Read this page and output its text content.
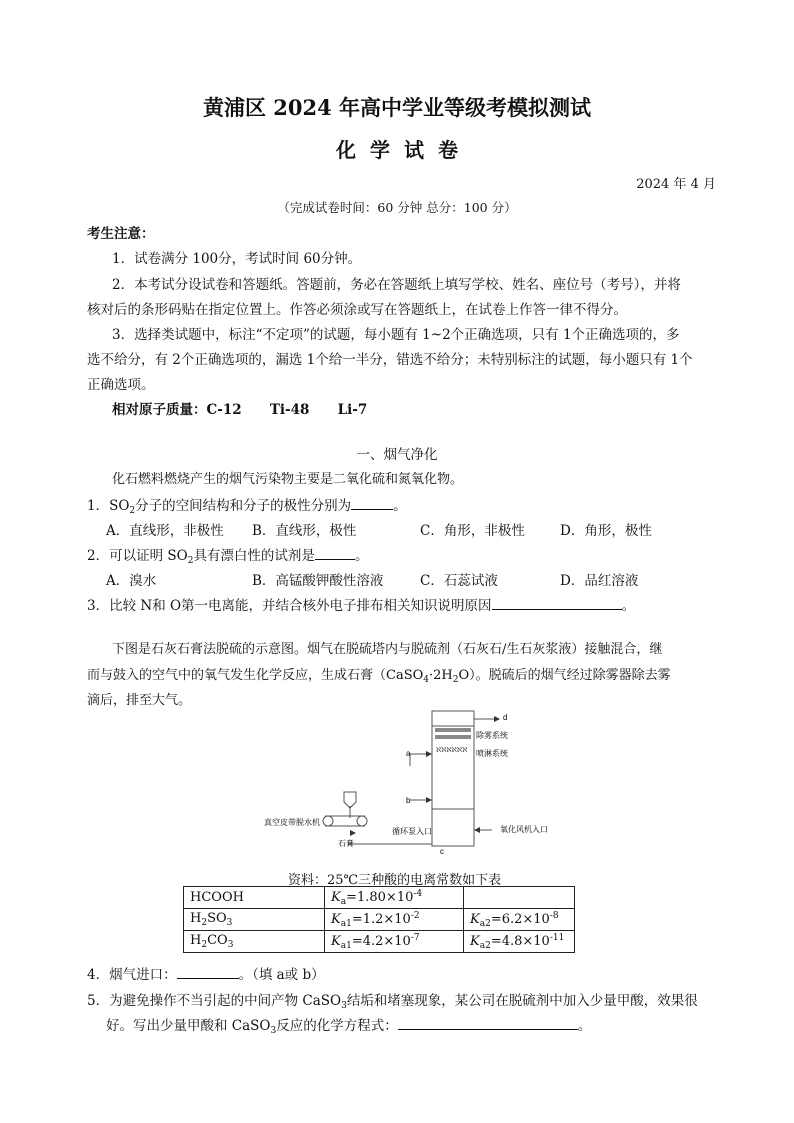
黄浦区 2024 年高中学业等级考模拟测试
化学试卷
2024 年 4 月
（完成试卷时间：60 分钟 总分：100 分）
考生注意：
1．试卷满分 100分，考试时间 60分钟。
2．本考试分设试卷和答题纸。答题前，务必在答题纸上填写学校、姓名、座位号（考号），并将
核对后的条形码贴在指定位置上。作答必须涂或写在答题纸上，在试卷上作答一律不得分。
3．选择类试题中，标注“不定项”的试题，每小题有 1~2个正确选项，只有 1个正确选项的，多
选不给分，有 2个正确选项的，漏选 1个给一半分，错选不给分；未特别标注的试题，每小题只有 1个
正确选项。
相对原子质量：C-12      Ti-48      Li-7
一、烟气净化
化石燃料燃烧产生的烟气污染物主要是二氧化硫和氮氧化物。
1．$SO_2$分子的空间结构和分子的极性分别为	。
A．直线形，非极性 B．直线形，极性	C．角形，非极性	D．角形，极性
2．可以证明 $SO_2$具有漂白性的试剂是	。
A．溴水	B．高锰酸钾酸性溶液	C．石蕊试液	D．品红溶液
3．比较 N和 O第一电离能，并结合核外电子排布相关知识说明原因	。
下图是石灰石膏法脱硫的示意图。烟气在脱硫塔内与脱硫剂（石灰石/生石灰浆液）接触混合，继
而与鼓入的空气中的氧气发生化学反应，生成石膏$(CaSO_4\cdot 2H_2O)$。脱硫后的烟气经过除雾器除去雾
滴后，排至大气。
ℵℵℵℵℵℵ
d
除雾系统
a	喷淋系统
b
循环泵入口	氧化风机入口
c
真空皮带脱水机
石膏
资料：25℃三种酸的电离常数如下表
HCOOH	$K_a=1.80\times 10^{-4}$	
$H_2SO_3$	$K_{a1}=1.2\times 10^{-2}$	$K_{a2}=6.2\times 10^{-8}$
$H_2CO_3$	$K_{a1}=4.2\times 10^{-7}$	$K_{a2}=4.8\times 10^{-11}$
4．烟气进口：	。（填 a或 b）
5．为避免操作不当引起的中间产物 CaSO$_3$结垢和堵塞现象，某公司在脱硫剂中加入少量甲酸，效果很
好。写出少量甲酸和 CaSO$_3$反应的化学方程式：	。
